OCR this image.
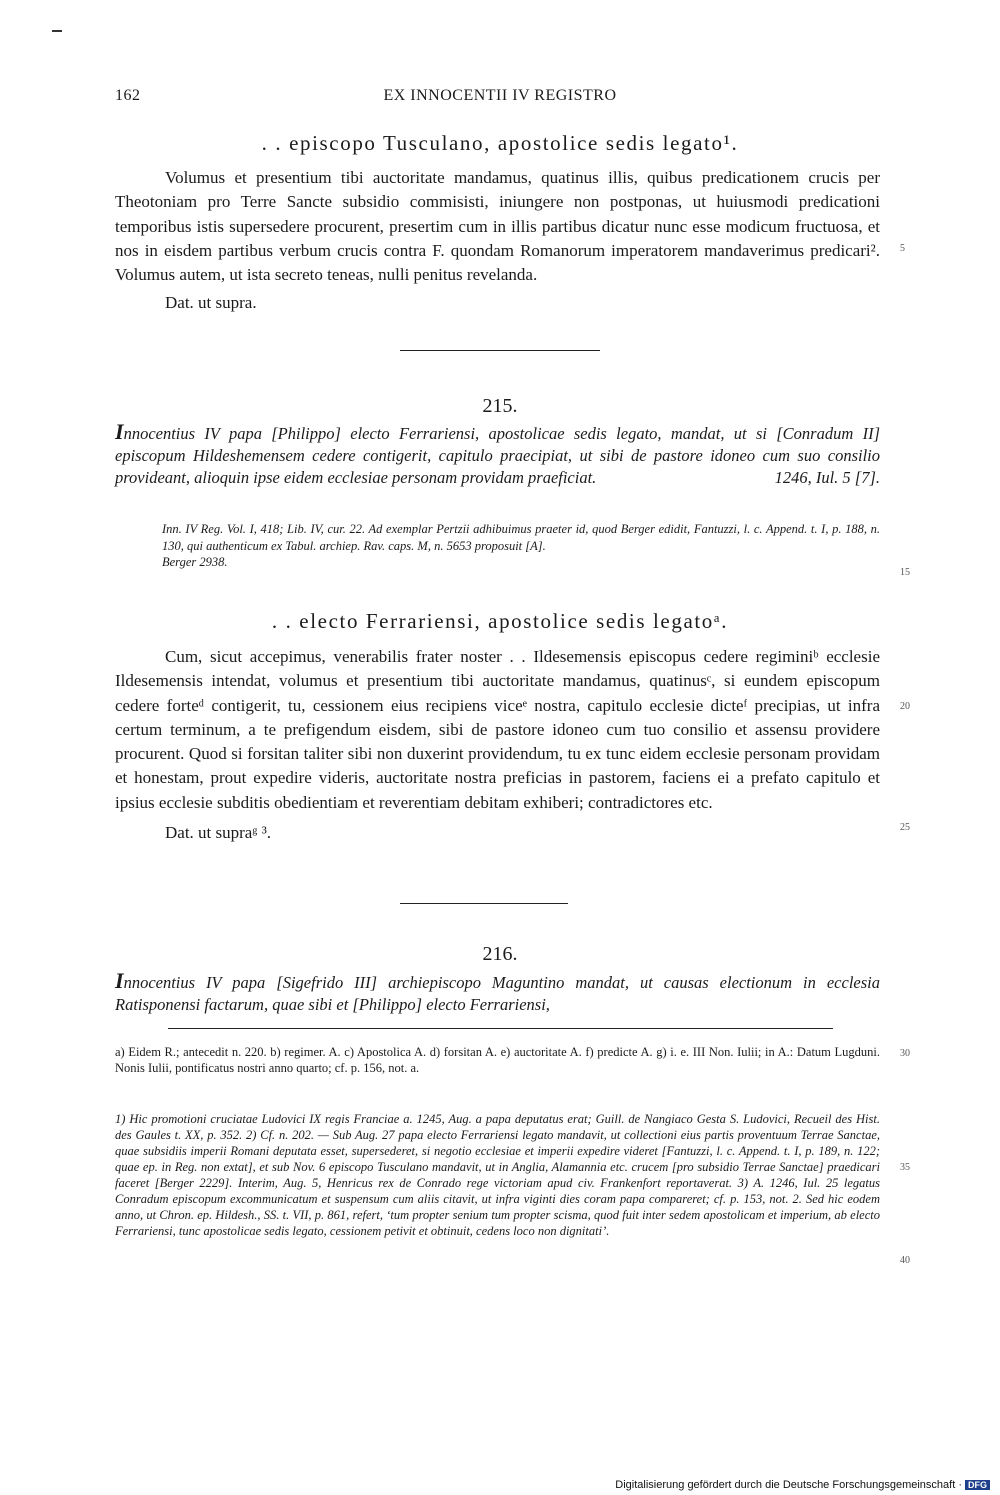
162	EX INNOCENTII IV REGISTRO
. . episcopo Tusculano, apostolice sedis legato¹.

Volumus et presentium tibi auctoritate mandamus, quatinus illis, quibus predicationem crucis per Theotoniam pro Terre Sancte subsidio commisisti, iniungere non postponas, ut huiusmodi predicationi temporibus istis supersedere procurent, presertim cum in illis partibus dicatur nunc esse modicum fructuosa, et nos in eisdem partibus verbum crucis contra F. quondam Romanorum imperatorem mandaverimus predicari². Volumus autem, ut ista secreto teneas, nulli penitus revelanda.

Dat. ut supra.

215.
Innocentius IV papa [Philippo] electo Ferrariensi, apostolicae sedis legato, mandat, ut si [Conradum II] episcopum Hildeshemensem cedere contigerit, capitulo praecipiat, ut sibi de pastore idoneo cum suo consilio provideant, alioquin ipse eidem ecclesiae personam providam praeficiat.	1246, Iul. 5 [7].
Inn. IV Reg. Vol. I, 418; Lib. IV, cur. 22. Ad exemplar Pertzii adhibuimus praeter id, quod Berger edidit, Fantuzzi, l. c. Append. t. I, p. 188, n. 130, qui authenticum ex Tabul. archiep. Rav. caps. M, n. 5653 proposuit [A].
Berger 2938.
. . electo Ferrariensi, apostolice sedis legatoᵃ.

Cum, sicut accepimus, venerabilis frater noster . . Ildesemensis episcopus cedere regiminiᵇ ecclesie Ildesemensis intendat, volumus et presentium tibi auctoritate mandamus, quatinusᶜ, si eundem episcopum cedere forteᵈ contigerit, tu, cessionem eius recipiens viceᵉ nostra, capitulo ecclesie dicteᶠ precipias, ut infra certum terminum, a te prefigendum eisdem, sibi de pastore idoneo cum tuo consilio et assensu providere procurent. Quod si forsitan taliter sibi non duxerint providendum, tu ex tunc eidem ecclesie personam providam et honestam, prout expedire videris, auctoritate nostra preficias in pastorem, faciens ei a prefato capitulo et ipsius ecclesie subditis obedientiam et reverentiam debitam exhiberi; contradictores etc.

Dat. ut supraᵍ ³.

216.
Innocentius IV papa [Sigefrido III] archiepiscopo Maguntino mandat, ut causas electionum in ecclesia Ratisponensi factarum, quae sibi et [Philippo] electo Ferrariensi,
a) Eidem R.; antecedit n. 220. b) regimer. A. c) Apostolica A. d) forsitan A. e) auctoritate A. f) predicte A. g) i. e. III Non. Iulii; in A.: Datum Lugduni. Nonis Iulii, pontificatus nostri anno quarto; cf. p. 156, not. a.
1) Hic promotioni cruciatae Ludovici IX regis Franciae a. 1245, Aug. a papa deputatus erat; Guill. de Nangiaco Gesta S. Ludovici, Recueil des Hist. des Gaules t. XX, p. 352. 2) Cf. n. 202. — Sub Aug. 27 papa electo Ferrariensi legato mandavit, ut collectioni eius partis proventuum Terrae Sanctae, quae subsidiis imperii Romani deputata esset, supersederet, si negotio ecclesiae et imperii expedire videret [Fantuzzi, l. c. Append. t. I, p. 189, n. 122; quae ep. in Reg. non extat], et sub Nov. 6 episcopo Tusculano mandavit, ut in Anglia, Alamannia etc. crucem [pro subsidio Terrae Sanctae] praedicari faceret [Berger 2229]. Interim, Aug. 5, Henricus rex de Conrado rege victoriam apud civ. Frankenfort reportaverat. 3) A. 1246, Iul. 25 legatus Conradum episcopum excommunicatum et suspensum cum aliis citavit, ut infra viginti dies coram papa compareret; cf. p. 153, not. 2. Sed hic eodem anno, ut Chron. ep. Hildesh., SS. t. VII, p. 861, refert, ‘tum propter senium tum propter scisma, quod fuit inter sedem apostolicam et imperium, ab electo Ferrariensi, tunc apostolicae sedis legato, cessionem petivit et obtinuit, cedens loco non dignitati’.
5
15
20
25
30
35
40
Digitalisierung gefördert durch die Deutsche Forschungsgemeinschaft · DFG
